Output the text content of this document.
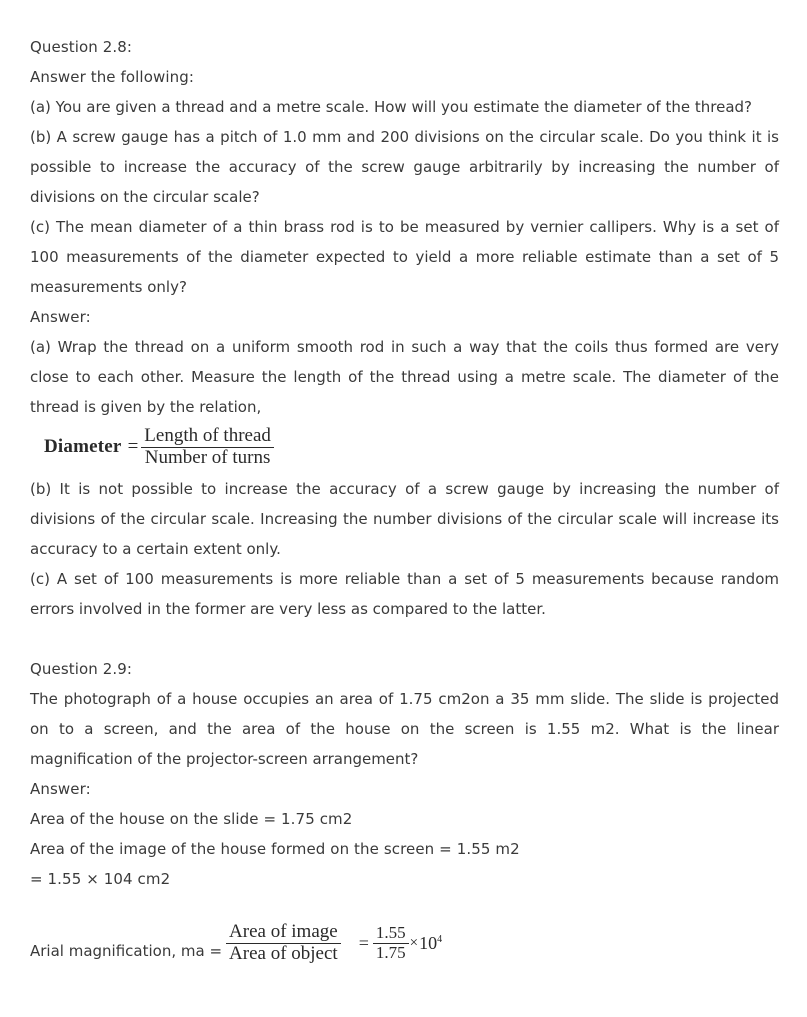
Question 2.8:
Answer the following:

(a) You are given a thread and a metre scale. How will you estimate the diameter of the thread?

(b) A screw gauge has a pitch of 1.0 mm and 200 divisions on the circular scale. Do you think it is possible to increase the accuracy of the screw gauge arbitrarily by increasing the number of divisions on the circular scale?

(c) The mean diameter of a thin brass rod is to be measured by vernier callipers. Why is a set of 100 measurements of the diameter expected to yield a more reliable estimate than a set of 5 measurements only?

Answer:

(a) Wrap the thread on a uniform smooth rod in such a way that the coils thus formed are very close to each other. Measure the length of the thread using a metre scale. The diameter of the thread is given by the relation,

Diameter = $\frac{\text{Length of thread}}{\text{Number of turns}}$

(b) It is not possible to increase the accuracy of a screw gauge by increasing the number of divisions of the circular scale. Increasing the number divisions of the circular scale will increase its accuracy to a certain extent only.

(c) A set of 100 measurements is more reliable than a set of 5 measurements because random errors involved in the former are very less as compared to the latter.

Question 2.9:

The photograph of a house occupies an area of 1.75 cm2on a 35 mm slide. The slide is projected on to a screen, and the area of the house on the screen is 1.55 m2. What is the linear magnification of the projector-screen arrangement?

Answer:
Area of the house on the slide = 1.75 cm2
Area of the image of the house formed on the screen = 1.55 m2
= 1.55 × 104 cm2
Arial magnification, ma = $\frac{\text{Area of image}}{\text{Area of object}} = \frac{1.55}{1.75} \times 10^4$
